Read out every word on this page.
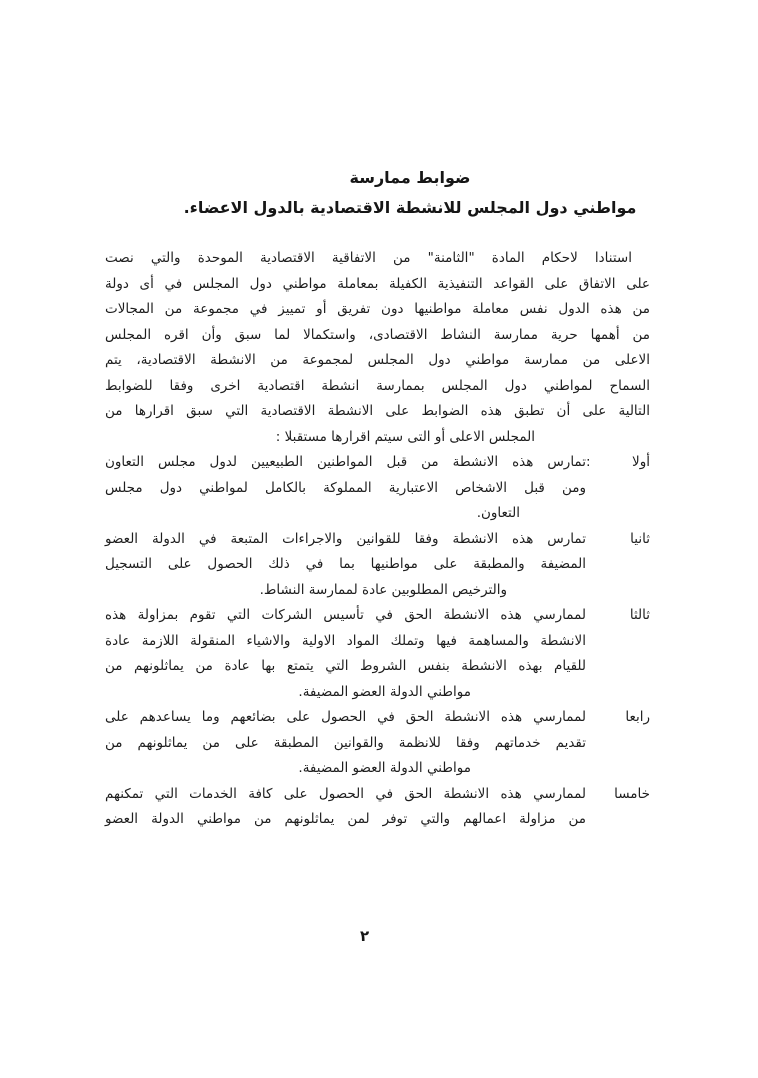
ضوابط ممارسة
مواطني دول المجلس للانشطة الاقتصادية بالدول الاعضاء.
استنادا لاحكام المادة "الثامنة" من الاتفاقية الاقتصادية الموحدة والتي نصت
على الاتفاق على القواعد التنفيذية الكفيلة بمعاملة مواطني دول المجلس في أى دولة
من هذه الدول نفس معاملة مواطنيها دون تفريق أو تمييز في مجموعة من المجالات
من أهمها حرية ممارسة النشاط الاقتصادى، واستكمالا لما سبق وأن اقره المجلس
الاعلى من ممارسة مواطني دول المجلس لمجموعة من الانشطة الاقتصادية، يتم
السماح لمواطني دول المجلس بممارسة انشطة اقتصادية اخرى وفقا للضوابط
التالية على أن تطبق هذه الضوابط على الانشطة الاقتصادية التي سبق اقرارها من
المجلس الاعلى أو التى سيتم اقرارها مستقبلا :
أولا
:
تمارس هذه الانشطة من قبل المواطنين الطبيعيين لدول مجلس التعاون
ومن قبل الاشخاص الاعتبارية المملوكة بالكامل لمواطني دول مجلس
التعاون.
ثانيا
تمارس هذه الانشطة وفقا للقوانين والاجراءات المتبعة في الدولة العضو
المضيفة والمطبقة على مواطنيها بما في ذلك الحصول على التسجيل
والترخيص المطلوبين عادة لممارسة النشاط.
ثالثا
لممارسي هذه الانشطة الحق في تأسيس الشركات التي تقوم بمزاولة هذه
الانشطة والمساهمة فيها وتملك المواد الاولية والاشياء المنقولة اللازمة عادة
للقيام بهذه الانشطة بنفس الشروط التي يتمتع بها عادة من يماثلونهم من
مواطني الدولة العضو المضيفة.
رابعا
لممارسي هذه الانشطة الحق في الحصول على بضائعهم وما يساعدهم على
تقديم خدماتهم وفقا للانظمة والقوانين المطبقة على من يماثلونهم من
مواطني الدولة العضو المضيفة.
خامسا
لممارسي هذه الانشطة الحق في الحصول على كافة الخدمات التي تمكنهم
من مزاولة اعمالهم والتي توفر لمن يماثلونهم من مواطني الدولة العضو
٢
